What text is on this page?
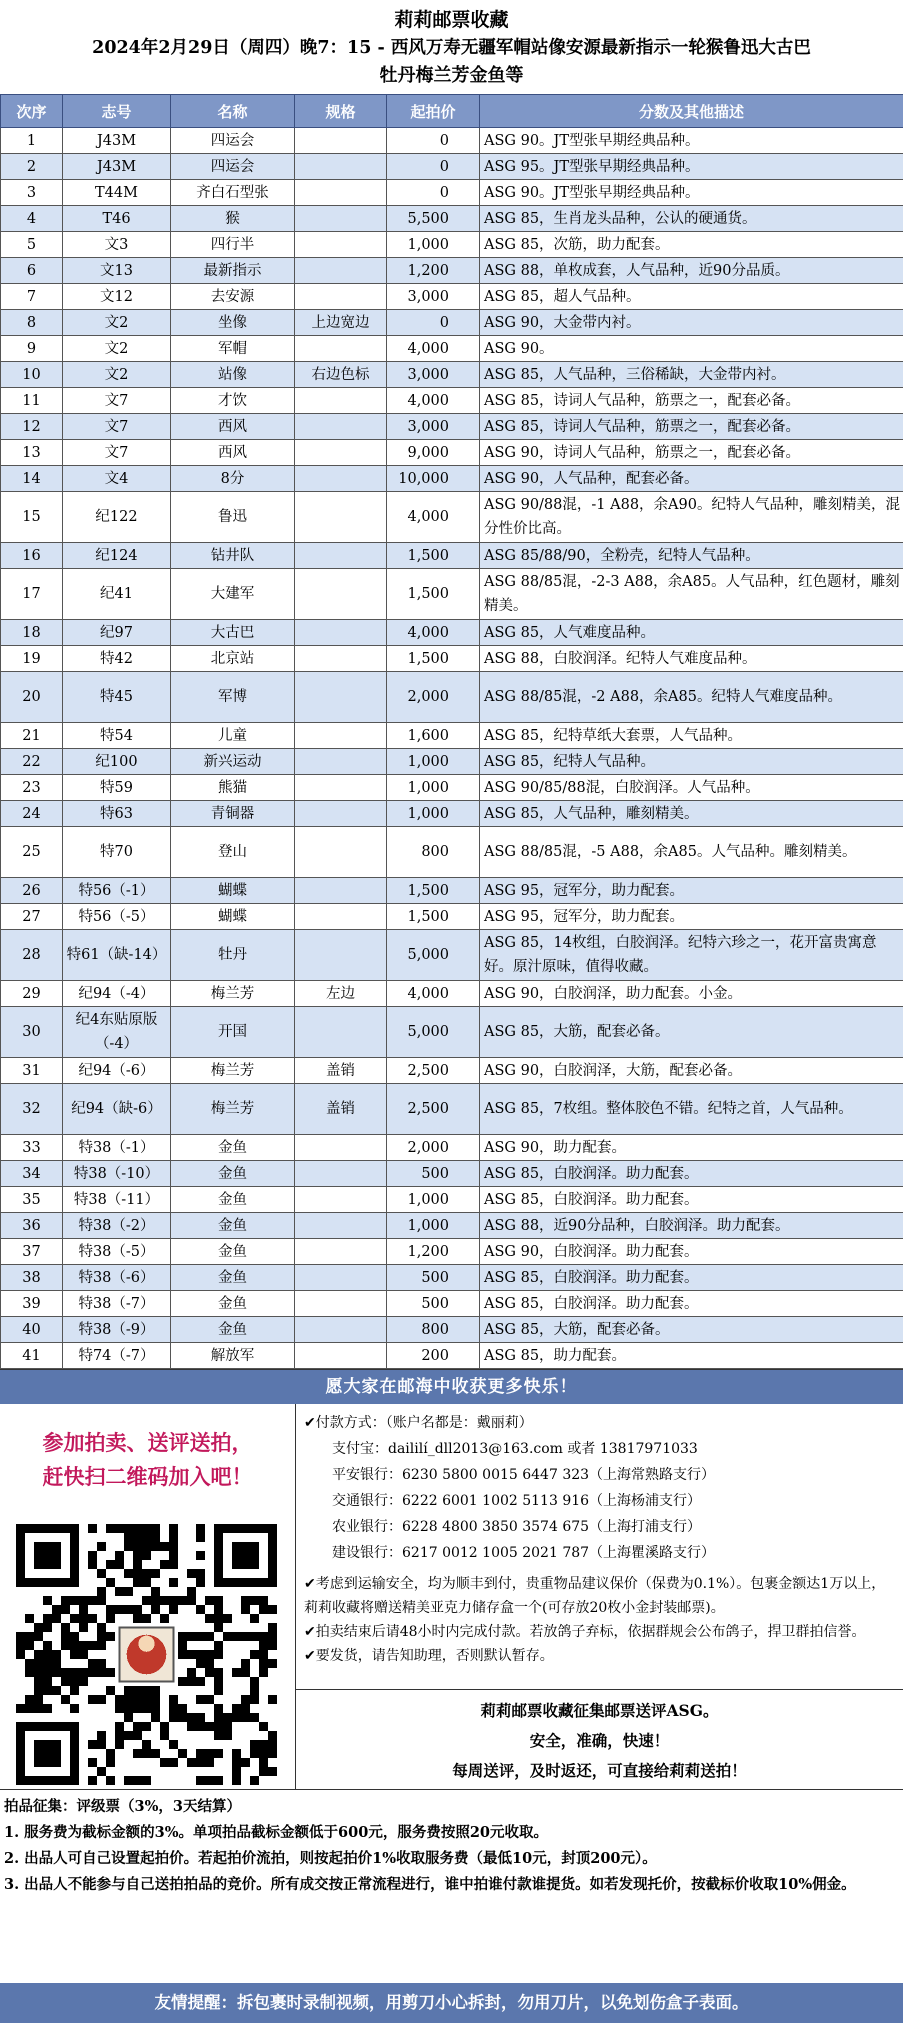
莉莉邮票收藏
2024年2月29日（周四）晚7：15 - 西风万寿无疆军帽站像安源最新指示一轮猴鲁迅大古巴
牡丹梅兰芳金鱼等
次序	志号	名称	规格	起拍价	分数及其他描述
1	J43M	四运会		0	ASG 90。JT型张早期经典品种。
2	J43M	四运会		0	ASG 95。JT型张早期经典品种。
3	T44M	齐白石型张		0	ASG 90。JT型张早期经典品种。
4	T46	猴		5,500	ASG 85，生肖龙头品种，公认的硬通货。
5	文3	四行半		1,000	ASG 85，次筋，助力配套。
6	文13	最新指示		1,200	ASG 88，单枚成套，人气品种，近90分品质。
7	文12	去安源		3,000	ASG 85，超人气品种。
8	文2	坐像	上边宽边	0	ASG 90，大金带内衬。
9	文2	军帽		4,000	ASG 90。
10	文2	站像	右边色标	3,000	ASG 85，人气品种，三俗稀缺，大金带内衬。
11	文7	才饮		4,000	ASG 85，诗词人气品种，筋票之一，配套必备。
12	文7	西风		3,000	ASG 85，诗词人气品种，筋票之一，配套必备。
13	文7	西风		9,000	ASG 90，诗词人气品种，筋票之一，配套必备。
14	文4	8分		10,000	ASG 90，人气品种，配套必备。
15	纪122	鲁迅		4,000	ASG 90/88混，-1 A88，余A90。纪特人气品种，雕刻精美，混分性价比高。
16	纪124	钻井队		1,500	ASG 85/88/90，全粉壳，纪特人气品种。
17	纪41	大建军		1,500	ASG 88/85混，-2-3 A88，余A85。人气品种，红色题材，雕刻精美。
18	纪97	大古巴		4,000	ASG 85，人气难度品种。
19	特42	北京站		1,500	ASG 88，白胶润泽。纪特人气难度品种。
20	特45	军博		2,000	ASG 88/85混，-2 A88，余A85。纪特人气难度品种。
21	特54	儿童		1,600	ASG 85，纪特草纸大套票，人气品种。
22	纪100	新兴运动		1,000	ASG 85，纪特人气品种。
23	特59	熊猫		1,000	ASG 90/85/88混，白胶润泽。人气品种。
24	特63	青铜器		1,000	ASG 85，人气品种，雕刻精美。
25	特70	登山		800	ASG 88/85混，-5 A88，余A85。人气品种。雕刻精美。
26	特56（-1）	蝴蝶		1,500	ASG 95，冠军分，助力配套。
27	特56（-5）	蝴蝶		1,500	ASG 95，冠军分，助力配套。
28	特61（缺-14）	牡丹		5,000	ASG 85，14枚组，白胶润泽。纪特六珍之一，花开富贵寓意好。原汁原味，值得收藏。
29	纪94（-4）	梅兰芳	左边	4,000	ASG 90，白胶润泽，助力配套。小金。
30	纪4东贴原版（-4）	开国		5,000	ASG 85，大筋，配套必备。
31	纪94（-6）	梅兰芳	盖销	2,500	ASG 90，白胶润泽，大筋，配套必备。
32	纪94（缺-6）	梅兰芳	盖销	2,500	ASG 85，7枚组。整体胶色不错。纪特之首，人气品种。
33	特38（-1）	金鱼		2,000	ASG 90，助力配套。
34	特38（-10）	金鱼		500	ASG 85，白胶润泽。助力配套。
35	特38（-11）	金鱼		1,000	ASG 85，白胶润泽。助力配套。
36	特38（-2）	金鱼		1,000	ASG 88，近90分品种，白胶润泽。助力配套。
37	特38（-5）	金鱼		1,200	ASG 90，白胶润泽。助力配套。
38	特38（-6）	金鱼		500	ASG 85，白胶润泽。助力配套。
39	特38（-7）	金鱼		500	ASG 85，白胶润泽。助力配套。
40	特38（-9）	金鱼		800	ASG 85，大筋，配套必备。
41	特74（-7）	解放军		200	ASG 85，助力配套。
愿大家在邮海中收获更多快乐！
参加拍卖、送评送拍，
赶快扫二维码加入吧！
✔付款方式：（账户名都是：戴丽莉）
支付宝：daililí_dll2013@163.com 或者 13817971033
平安银行：6230 5800 0015 6447 323（上海常熟路支行）
交通银行：6222 6001 1002 5113 916（上海杨浦支行）
农业银行：6228 4800 3850 3574 675（上海打浦支行）
建设银行：6217 0012 1005 2021 787（上海瞿溪路支行）

✔考虑到运输安全，均为顺丰到付，贵重物品建议保价（保费为0.1%）。包裹金额达1万以上，莉莉收藏将赠送精美亚克力储存盒一个(可存放20枚小金封装邮票)。

✔拍卖结束后请48小时内完成付款。若放鸽子弃标，依据群规会公布鸽子，捍卫群拍信誉。

✔要发货，请告知助理，否则默认暂存。

莉莉邮票收藏征集邮票送评ASG。
安全，准确，快速！
每周送评，及时返还，可直接给莉莉送拍！

拍品征集：评级票（3%，3天结算）

1. 服务费为截标金额的3%。单项拍品截标金额低于600元，服务费按照20元收取。

2. 出品人可自己设置起拍价。若起拍价流拍，则按起拍价1%收取服务费（最低10元，封顶200元）。

3. 出品人不能参与自己送拍拍品的竞价。所有成交按正常流程进行，谁中拍谁付款谁提货。如若发现托价，按截标价收取10%佣金。

友情提醒：拆包裹时录制视频，用剪刀小心拆封，勿用刀片，以免划伤盒子表面。
